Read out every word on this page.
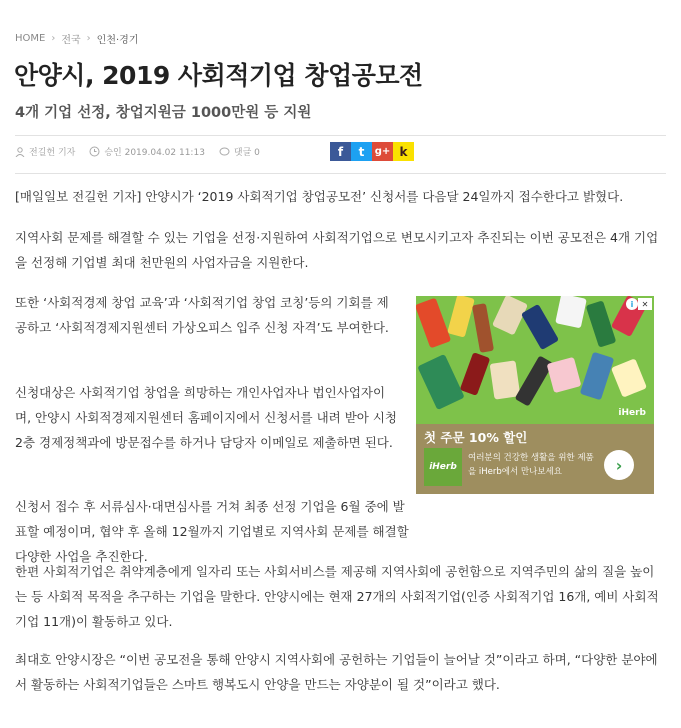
HOME › 전국 › 인천·경기
안양시, 2019 사회적기업 창업공모전
4개 기업 선정, 창업지원금 1000만원 등 지원
전길헌 기자	승인 2019.04.02 11:13	댓글 0	f	t	g+ k

[매일일보 전길헌 기자] 안양시가 ‘2019 사회적기업 창업공모전’ 신청서를 다음달 24일까지 접수한다고 밝혔다.

지역사회 문제를 해결할 수 있는 기업을 선정·지원하여 사회적기업으로 변모시키고자 추진되는 이번 공모전은 4개 기업을 선정해 기업별 최대 천만원의 사업자금을 지원한다.

또한 ‘사회적경제 창업 교육’과 ‘사회적기업 창업 코칭’등의 기회를 제공하고 ‘사회적경제지원센터 가상오피스 입주 신청 자격’도 부여한다.

신청대상은 사회적기업 창업을 희망하는 개인사업자나 법인사업자이며, 안양시 사회적경제지원센터 홈페이지에서 신청서를 내려 받아 시청 2층 경제정책과에 방문접수를 하거나 담당자 이메일로 제출하면 된다.

신청서 접수 후 서류심사·대면심사를 거쳐 최종 선정 기업을 6월 중에 발표할 예정이며, 협약 후 올해 12월까지 기업별로 지역사회 문제를 해결할 다양한 사업을 추진한다.

한편 사회적기업은 취약계층에게 일자리 또는 사회서비스를 제공해 지역사회에 공헌함으로 지역주민의 삶의 질을 높이는 등 사회적 목적을 추구하는 기업을 말한다. 안양시에는 현재 27개의 사회적기업(인증 사회적기업 16개, 예비 사회적기업 11개)이 활동하고 있다.

최대호 안양시장은 “이번 공모전을 통해 안양시 지역사회에 공헌하는 기업들이 늘어날 것”이라고 하며, “다양한 분야에서 활동하는 사회적기업들은 스마트 행복도시 안양을 만드는 자양분이 될 것”이라고 했다.

iHerb
i	✕
첫 주문 10% 할인
iHerb
여러분의 건강한 생활을 위한 제품을 iHerb에서 만나보세요	›
